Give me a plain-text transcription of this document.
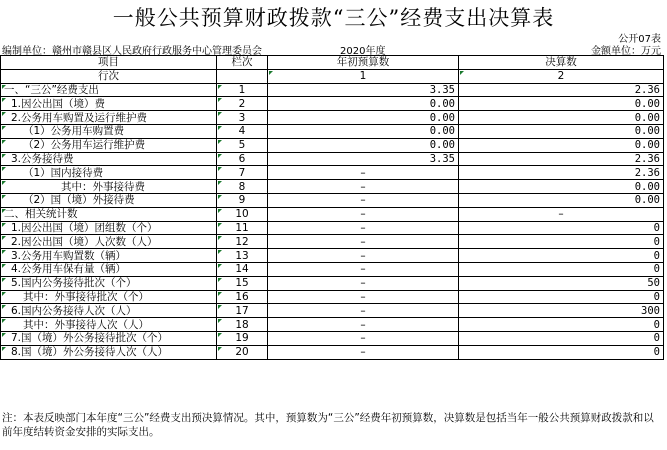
一般公共预算财政拨款“三公”经费支出决算表
公开07表
编制单位：赣州市赣县区人民政府行政服务中心管理委员会	2020年度	金额单位：万元
项目	栏次	年初预算数	决算数
行次		1	2
一、“三公”经费支出	1	3.35	2.36
1.因公出国（境）费	2	0.00	0.00
2.公务用车购置及运行维护费	3	0.00	0.00
（1）公务用车购置费	4	0.00	0.00
（2）公务用车运行维护费	5	0.00	0.00
3.公务接待费	6	3.35	2.36
（1）国内接待费	7	–	2.36
其中：外事接待费	8	–	0.00
（2）国（境）外接待费	9	–	0.00
二、相关统计数	10	–	–
1.因公出国（境）团组数（个）	11	–	0
2.因公出国（境）人次数（人）	12	–	0
3.公务用车购置数（辆）	13	–	0
4.公务用车保有量（辆）	14	–	0
5.国内公务接待批次（个）	15	–	50
其中：外事接待批次（个）	16	–	0
6.国内公务接待人次（人）	17	–	300
其中：外事接待人次（人）	18	–	0
7.国（境）外公务接待批次（个）	19	–	0
8.国（境）外公务接待人次（人）	20	–	0
注：本表反映部门本年度“三公”经费支出预决算情况。其中，预算数为“三公”经费年初预算数，决算数是包括当年一般公共预算财政拨款和以前年度结转资金安排的实际支出。
